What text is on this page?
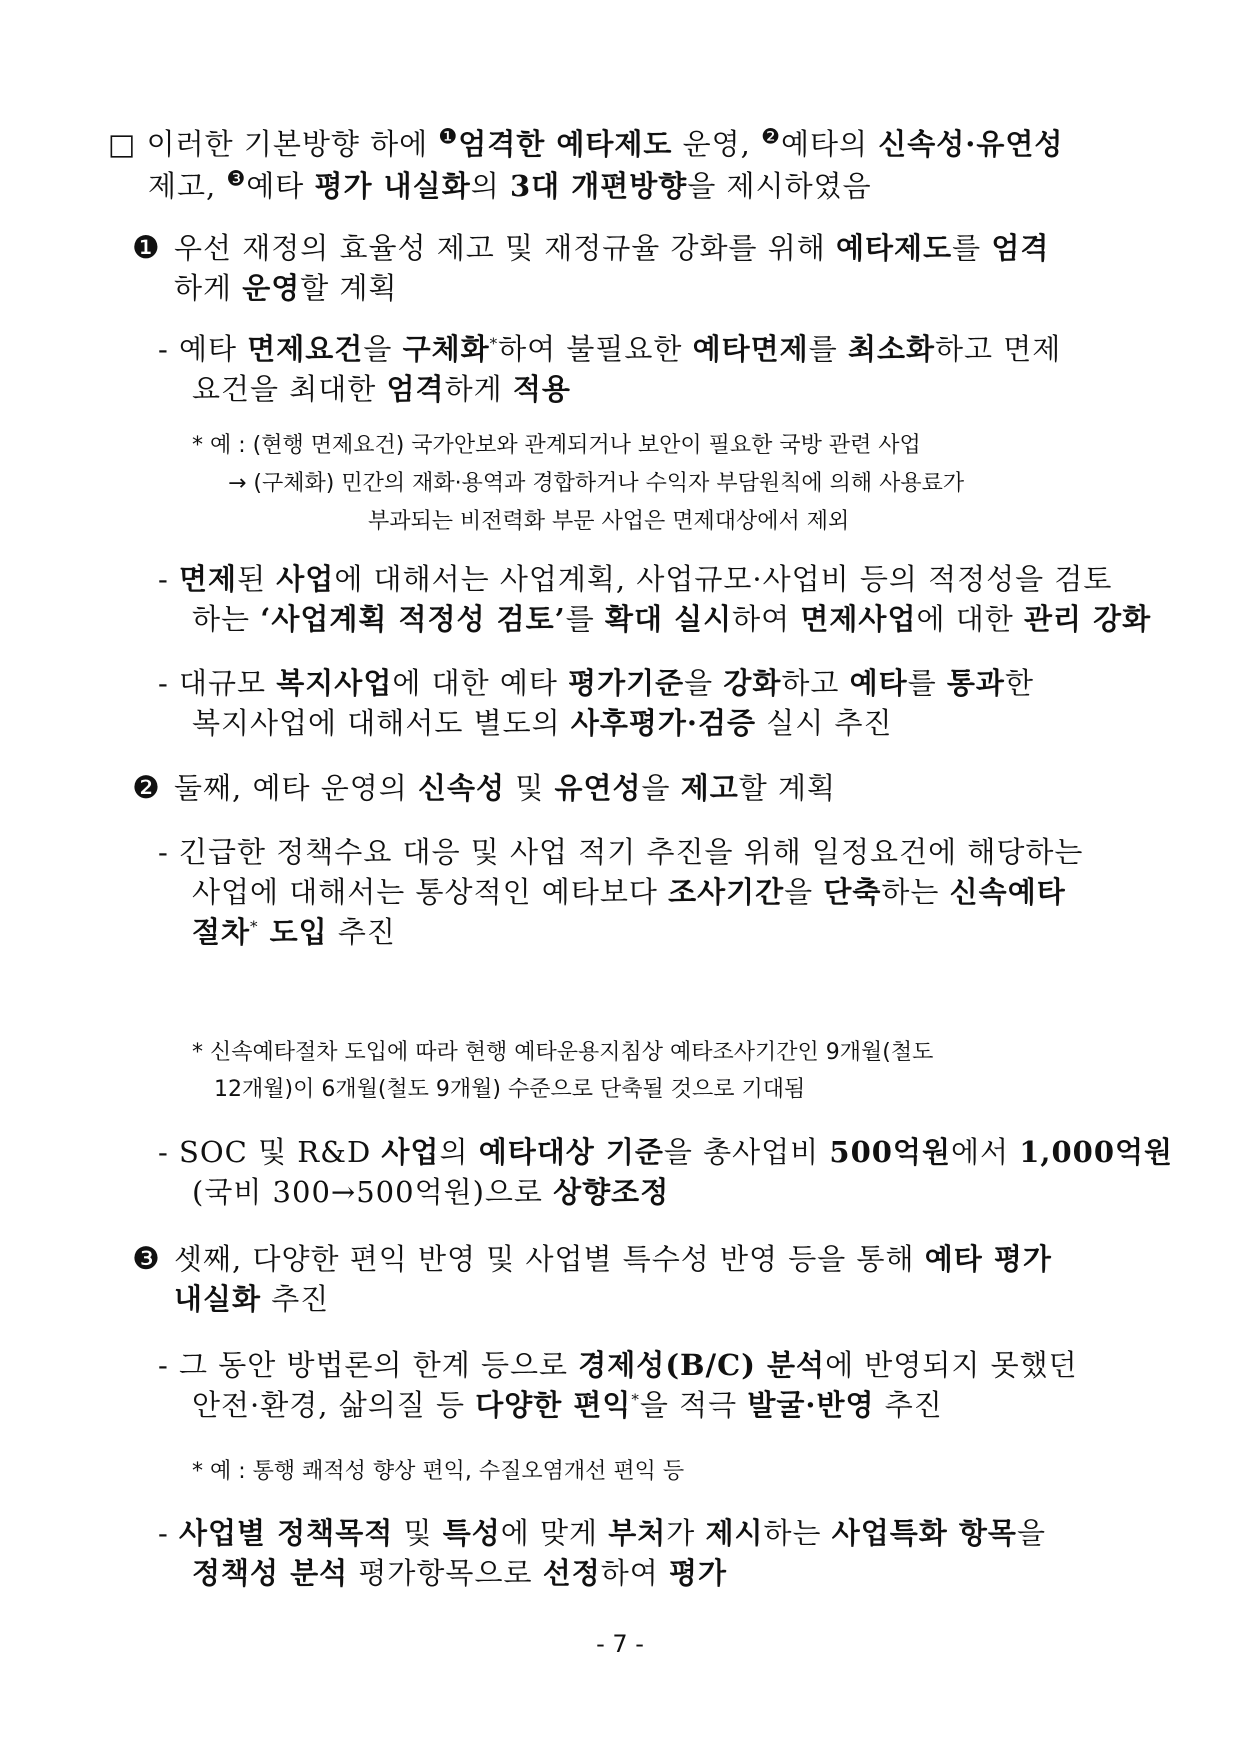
□ 이러한 기본방향 하에 $^❶$엄격한 예타제도 운영, $^❷$예타의 신속성·유연성
제고, $^❸$예타 평가 내실화의 3대 개편방향을 제시하였음
❶ 우선 재정의 효율성 제고 및 재정규율 강화를 위해 예타제도를 엄격
하게 운영할 계획
- 예타 면제요건을 구체화*하여 불필요한 예타면제를 최소화하고 면제
요건을 최대한 엄격하게 적용
* 예 : (현행 면제요건) 국가안보와 관계되거나 보안이 필요한 국방 관련 사업
→ (구체화) 민간의 재화·용역과 경합하거나 수익자 부담원칙에 의해 사용료가
부과되는 비전력화 부문 사업은 면제대상에서 제외
- 면제된 사업에 대해서는 사업계획, 사업규모·사업비 등의 적정성을 검토
하는 ‘사업계획 적정성 검토’를 확대 실시하여 면제사업에 대한 관리 강화
- 대규모 복지사업에 대한 예타 평가기준을 강화하고 예타를 통과한
복지사업에 대해서도 별도의 사후평가·검증 실시 추진
❷ 둘째, 예타 운영의 신속성 및 유연성을 제고할 계획
- 긴급한 정책수요 대응 및 사업 적기 추진을 위해 일정요건에 해당하는
사업에 대해서는 통상적인 예타보다 조사기간을 단축하는 신속예타
절차* 도입 추진
* 신속예타절차 도입에 따라 현행 예타운용지침상 예타조사기간인 9개월(철도
12개월)이 6개월(철도 9개월) 수준으로 단축될 것으로 기대됨
- SOC 및 R&D 사업의 예타대상 기준을 총사업비 500억원에서 1,000억원
(국비 300→500억원)으로 상향조정
❸ 셋째, 다양한 편익 반영 및 사업별 특수성 반영 등을 통해 예타 평가
내실화 추진
- 그 동안 방법론의 한계 등으로 경제성(B/C) 분석에 반영되지 못했던
안전·환경, 삶의질 등 다양한 편익*을 적극 발굴·반영 추진
* 예 : 통행 쾌적성 향상 편익, 수질오염개선 편익 등
- 사업별 정책목적 및 특성에 맞게 부처가 제시하는 사업특화 항목을
정책성 분석 평가항목으로 선정하여 평가
- 7 -
